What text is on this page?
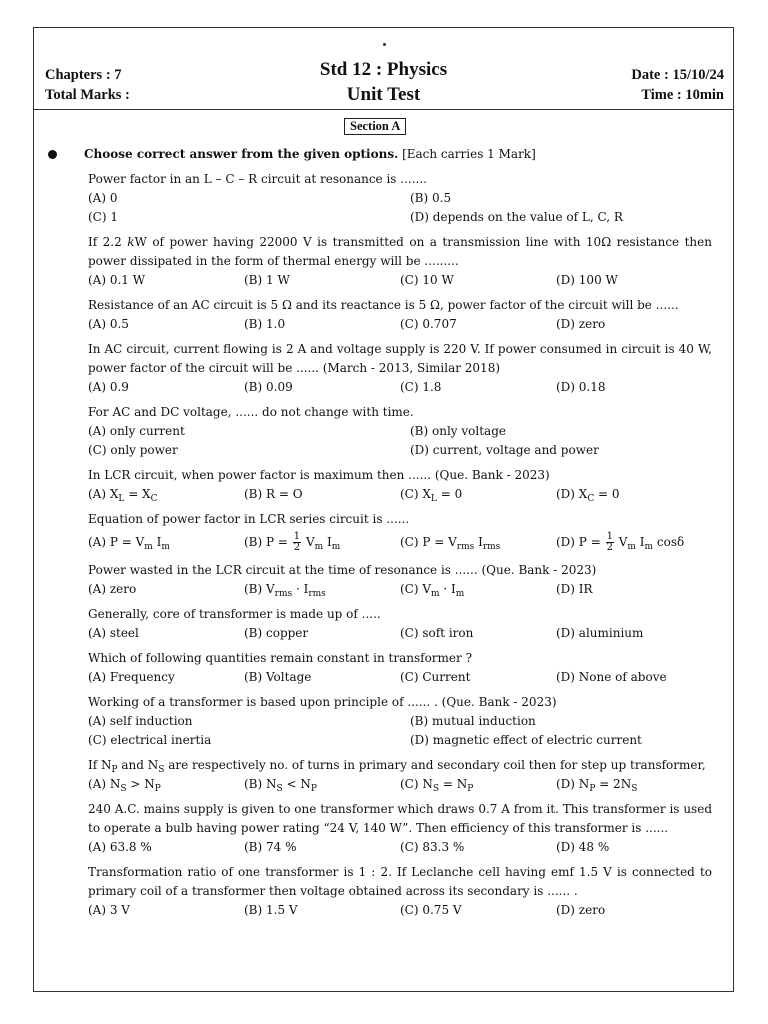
Chapters : 7
Total Marks :
Std 12 : Physics
Unit Test
Date : 15/10/24
Time : 10min
Section A
Choose correct answer from the given options. [Each carries 1 Mark]
Power factor in an L – C – R circuit at resonance is .......
(A) 0	(B) 0.5
(C) 1	(D) depends on the value of L, C, R
If 2.2 kW of power having 22000 V is transmitted on a transmission line with 10Ω resistance then power dissipated in the form of thermal energy will be .........
(A) 0.1 W	(B) 1 W	(C) 10 W	(D) 100 W
Resistance of an AC circuit is 5 Ω and its reactance is 5 Ω, power factor of the circuit will be ......
(A) 0.5	(B) 1.0	(C) 0.707	(D) zero
In AC circuit, current flowing is 2 A and voltage supply is 220 V. If power consumed in circuit is 40 W, power factor of the circuit will be ...... (March - 2013, Similar 2018)
(A) 0.9	(B) 0.09	(C) 1.8	(D) 0.18
For AC and DC voltage, ...... do not change with time.
(A) only current	(B) only voltage
(C) only power	(D) current, voltage and power
In LCR circuit, when power factor is maximum then ...... (Que. Bank - 2023)
(A) $X_L = X_C$	(B) R = O	(C) $X_L = 0$	(D) $X_C = 0$
Equation of power factor in LCR series circuit is ......
(A) $P = V_m$ $I_m$	(B) $P = \frac{1}{2} V_m$ $I_m$	(C) $P = V_{rms}$ $I_{rms}$	(D) $P = \frac{1}{2} V_m$ $I_m$ cosδ
Power wasted in the LCR circuit at the time of resonance is ...... (Que. Bank - 2023)
(A) zero	(B) $V_{rms} \cdot I_{rms}$	(C) $V_m \cdot I_m$	(D) IR
Generally, core of transformer is made up of .....
(A) steel	(B) copper	(C) soft iron	(D) aluminium
Which of following quantities remain constant in transformer ?
(A) Frequency	(B) Voltage	(C) Current	(D) None of above
Working of a transformer is based upon principle of ...... . (Que. Bank - 2023)
(A) self induction	(B) mutual induction
(C) electrical inertia	(D) magnetic effect of electric current
If $N_P$ and $N_S$ are respectively no. of turns in primary and secondary coil then for step up transformer,
(A) $N_S > N_P$	(B) $N_S < N_P$	(C) $N_S = N_P$	(D) $N_P = 2N_S$
240 A.C. mains supply is given to one transformer which draws 0.7 A from it. This transformer is used to operate a bulb having power rating “24 V, 140 W”. Then efficiency of this transformer is ......
(A) 63.8 %	(B) 74 %	(C) 83.3 %	(D) 48 %
Transformation ratio of one transformer is 1 : 2. If Leclanche cell having emf 1.5 V is connected to primary coil of a transformer then voltage obtained across its secondary is ...... .
(A) 3 V	(B) 1.5 V	(C) 0.75 V	(D) zero
